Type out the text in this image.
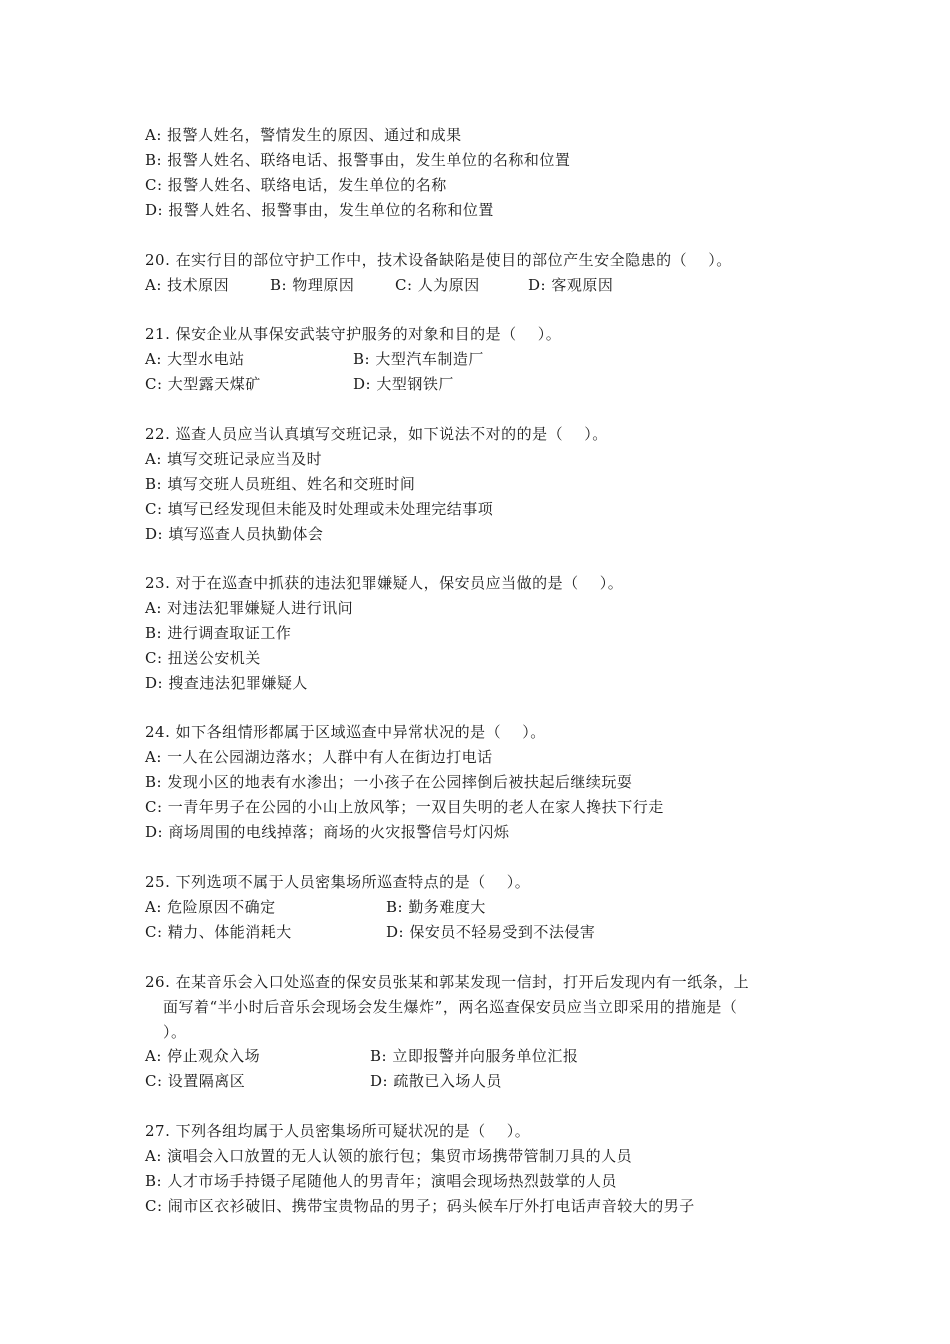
A: 报警人姓名，警情发生的原因、通过和成果
B: 报警人姓名、联络电话、报警事由，发生单位的名称和位置
C: 报警人姓名、联络电话，发生单位的名称
D: 报警人姓名、报警事由，发生单位的名称和位置
20. 在实行目的部位守护工作中，技术设备缺陷是使目的部位产生安全隐患的（    ）。
A: 技术原因	B: 物理原因	C: 人为原因	D: 客观原因
21. 保安企业从事保安武装守护服务的对象和目的是（    ）。
A: 大型水电站	B: 大型汽车制造厂
C: 大型露天煤矿	D: 大型钢铁厂
22. 巡查人员应当认真填写交班记录，如下说法不对的的是（    ）。
A: 填写交班记录应当及时
B: 填写交班人员班组、姓名和交班时间
C: 填写已经发现但未能及时处理或未处理完结事项
D: 填写巡查人员执勤体会
23. 对于在巡查中抓获的违法犯罪嫌疑人，保安员应当做的是（    ）。
A: 对违法犯罪嫌疑人进行讯问
B: 进行调查取证工作
C: 扭送公安机关
D: 搜查违法犯罪嫌疑人
24. 如下各组情形都属于区域巡查中异常状况的是（    ）。
A: 一人在公园湖边落水；人群中有人在街边打电话
B: 发现小区的地表有水渗出；一小孩子在公园摔倒后被扶起后继续玩耍
C: 一青年男子在公园的小山上放风筝；一双目失明的老人在家人搀扶下行走
D: 商场周围的电线掉落；商场的火灾报警信号灯闪烁
25. 下列选项不属于人员密集场所巡查特点的是（    ）。
A: 危险原因不确定	B: 勤务难度大
C: 精力、体能消耗大	D: 保安员不轻易受到不法侵害
26. 在某音乐会入口处巡查的保安员张某和郭某发现一信封，打开后发现内有一纸条，上
面写着“半小时后音乐会现场会发生爆炸”，两名巡查保安员应当立即采用的措施是（
）。
A: 停止观众入场	B: 立即报警并向服务单位汇报
C: 设置隔离区	D: 疏散已入场人员
27. 下列各组均属于人员密集场所可疑状况的是（    ）。
A: 演唱会入口放置的无人认领的旅行包；集贸市场携带管制刀具的人员
B: 人才市场手持镊子尾随他人的男青年；演唱会现场热烈鼓掌的人员
C: 闹市区衣衫破旧、携带宝贵物品的男子；码头候车厅外打电话声音较大的男子
